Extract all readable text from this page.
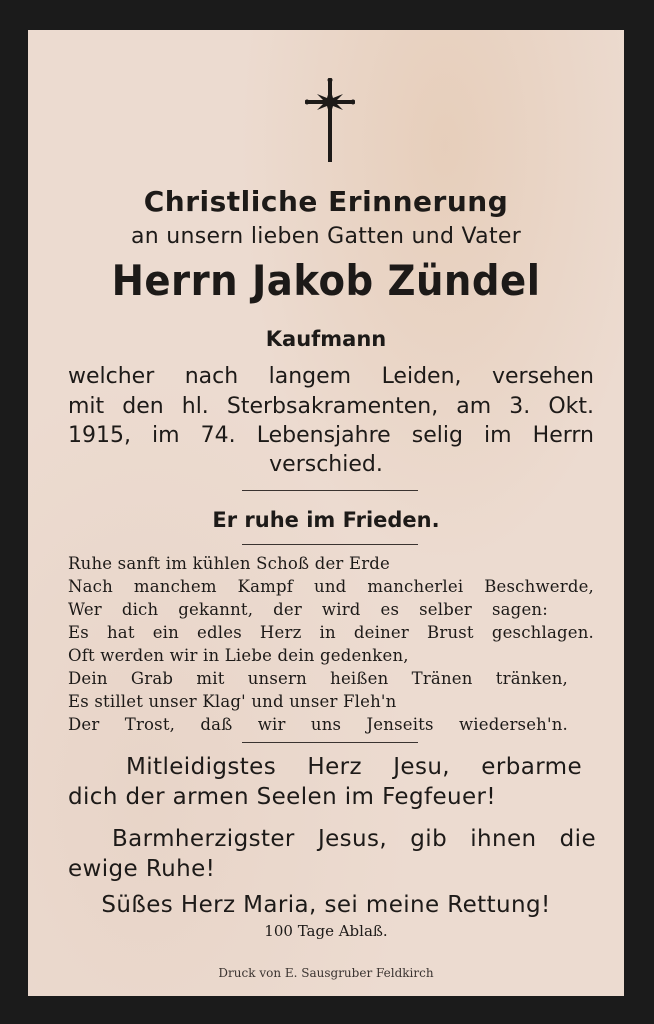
Christliche Erinnerung
an unsern lieben Gatten und Vater
Herrn Jakob Zündel
Kaufmann
welcher nach langem Leiden, versehen
mit den hl. Sterbsakramenten, am 3. Okt.
1915, im 74. Lebensjahre selig im Herrn
verschied.
Er ruhe im Frieden.
Ruhe sanft im kühlen Schoß der Erde
Nach manchem Kampf und mancherlei Beschwerde,
Wer dich gekannt, der wird es selber sagen:
Es hat ein edles Herz in deiner Brust geschlagen.
Oft werden wir in Liebe dein gedenken,
Dein Grab mit unsern heißen Tränen tränken,
Es stillet unser Klag' und unser Fleh'n
Der Trost, daß wir uns Jenseits wiederseh'n.
Mitleidigstes Herz Jesu, erbarme
dich der armen Seelen im Fegfeuer!
Barmherzigster Jesus, gib ihnen die
ewige Ruhe!
Süßes Herz Maria, sei meine Rettung!
100 Tage Ablaß.
Druck von E. Sausgruber Feldkirch
